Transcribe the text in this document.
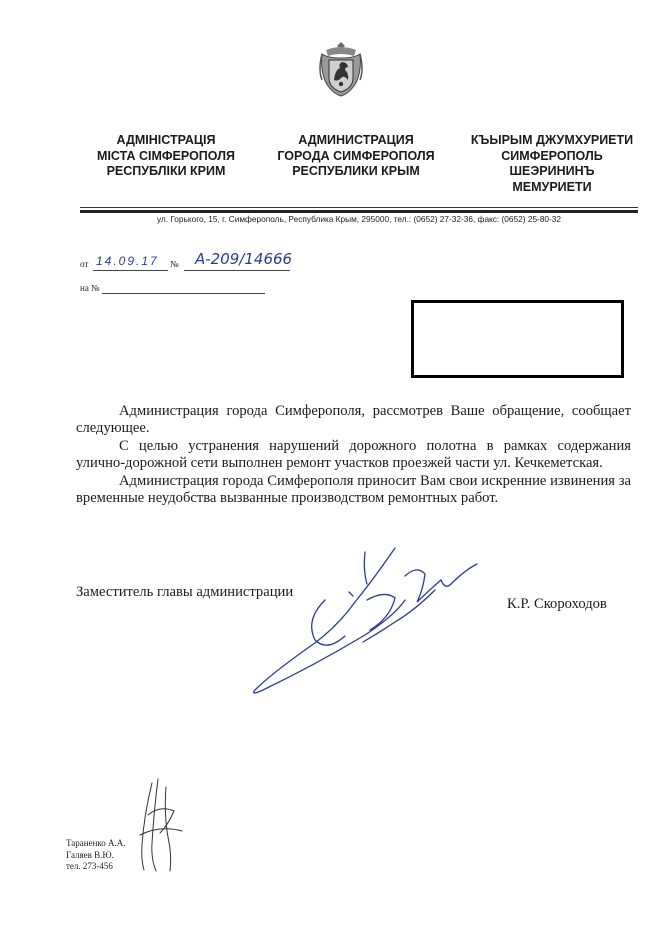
АДМІНІСТРАЦІЯ
МІСТА СІМФЕРОПОЛЯ
РЕСПУБЛІКИ КРИМ
АДМИНИСТРАЦИЯ
ГОРОДА СИМФЕРОПОЛЯ
РЕСПУБЛИКИ КРЫМ
КЪЫРЫМ ДЖУМХУРИЕТИ
СИМФЕРОПОЛЬ
ШЕЭРИНИНЪ
МЕМУРИЕТИ
ул. Горького, 15, г. Симферополь, Республика Крым, 295000, тел.: (0652) 27-32-36, факс: (0652) 25-80-32
от 14.09.17	№ A-209/14666
на №

Администрация города Симферополя, рассмотрев Ваше обращение, сообщает следующее.

С целью устранения нарушений дорожного полотна в рамках содержания улично-дорожной сети выполнен ремонт участков проезжей части ул. Кечкеметская.

Администрация города Симферополя приносит Вам свои искренние извинения за временные неудобства вызванные производством ремонтных работ.

Заместитель главы администрации
К.Р. Скороходов
Тараненко А.А.
Галяев В.Ю.
тел. 273-456
